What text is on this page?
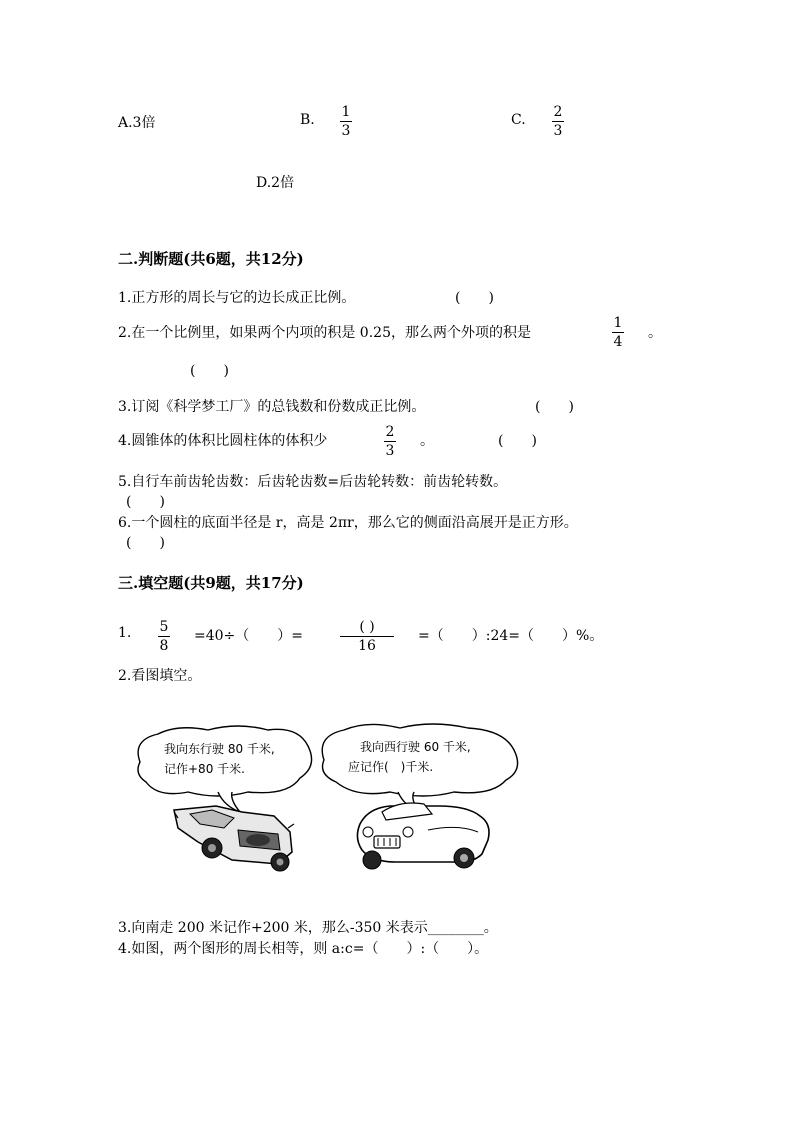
A.3倍	B. 1
3
C. 2
3
D.2倍
二.判断题(共6题，共12分)
1.正方形的周长与它的边长成正比例。	(　　)
2.在一个比例里，如果两个内项的积是 0.25，那么两个外项的积是
1
4
。
(　　)
3.订阅《科学梦工厂》的总钱数和份数成正比例。	(　　)
4.圆锥体的体积比圆柱体的体积少
2
3
。	(　　)
5.自行车前齿轮齿数：后齿轮齿数=后齿轮转数：前齿轮转数。
(　　)
6.一个圆柱的底面半径是 r，高是 2πr，那么它的侧面沿高展开是正方形。
(　　)
三.填空题(共9题，共17分)
1. 5
8
=40÷（　　）=
( )
16
=（　　）:24=（　　）%。
2.看图填空。
我向东行驶 80 千米,
记作+80 千米.
我向西行驶 60 千米,
应记作(　)千米.
3.向南走 200 米记作+200 米，那么-350 米表示________。
4.如图，两个图形的周长相等，则 a:c=（　　）:（　　）。
